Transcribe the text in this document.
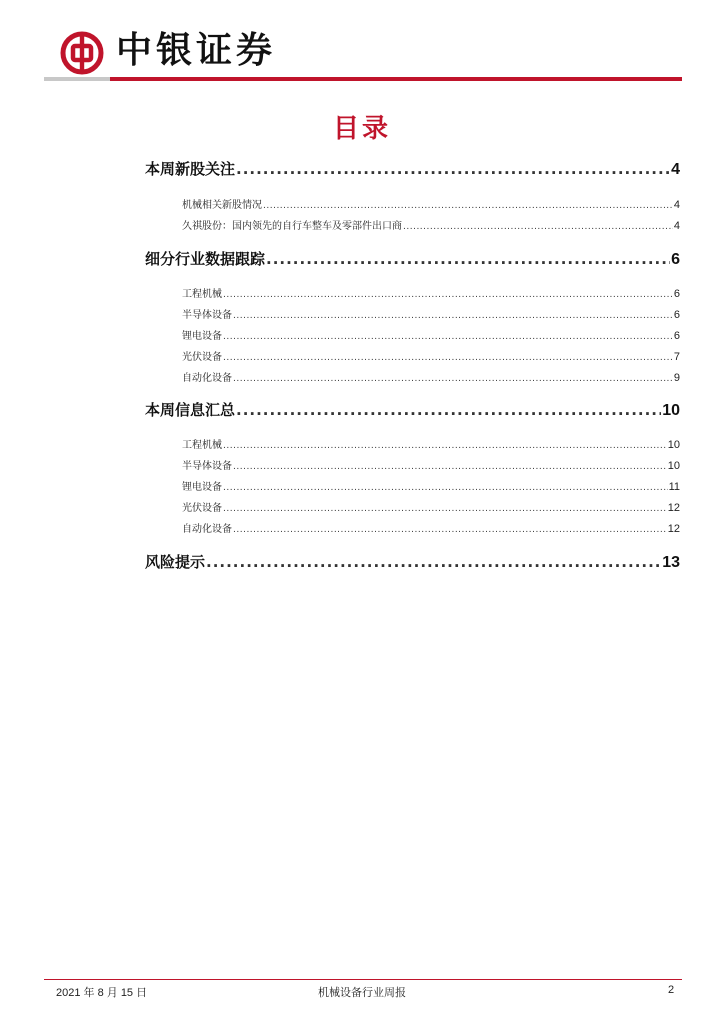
中银证券
目录
本周新股关注 .....	4
机械相关新股情况 .....	4
久祺股份：国内领先的自行车整车及零部件出口商 .....	4
细分行业数据跟踪 .....	6
工程机械 .....	6
半导体设备 .....	6
锂电设备 .....	6
光伏设备 .....	7
自动化设备 .....	9
本周信息汇总 .....	10
工程机械 .....	10
半导体设备 .....	10
锂电设备 .....	11
光伏设备 .....	12
自动化设备 .....	12
风险提示 .....	13
2021 年 8 月 15 日	机械设备行业周报	2
